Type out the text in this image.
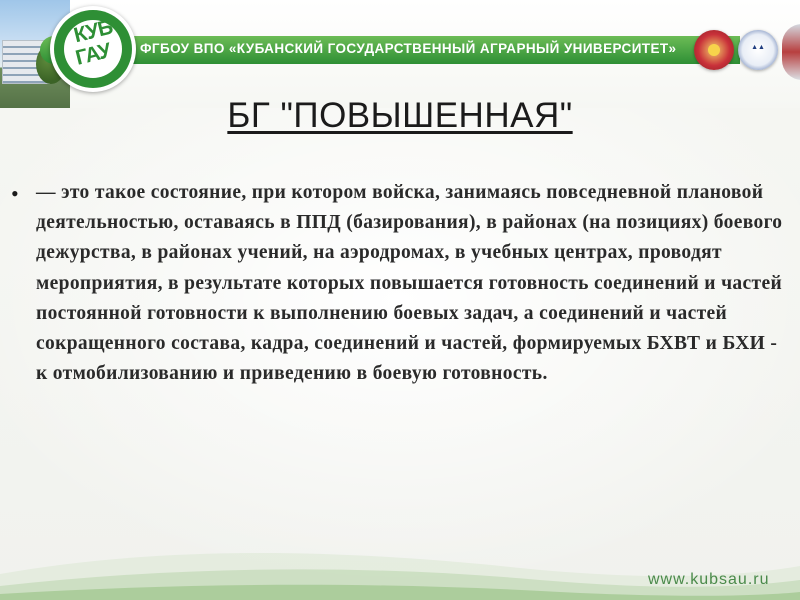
ФГБОУ ВПО «КУБАНСКИЙ ГОСУДАРСТВЕННЫЙ АГРАРНЫЙ УНИВЕРСИТЕТ»
КУБ
ГАУ	▲▲
БГ "ПОВЫШЕННАЯ"
• — это такое состояние, при котором войска, занимаясь повседневной плановой деятельностью, оставаясь в ППД (базирования), в районах (на позициях) боевого дежурства, в районах учений, на аэродромах, в учебных центрах, проводят мероприятия, в результате которых повышается готовность соединений и частей постоянной готовности к выполнению боевых задач, а соединений и частей сокращенного состава, кадра, соединений и частей, формируемых БХВТ и БХИ - к отмобилизованию и приведению в боевую готовность.
www.kubsau.ru
